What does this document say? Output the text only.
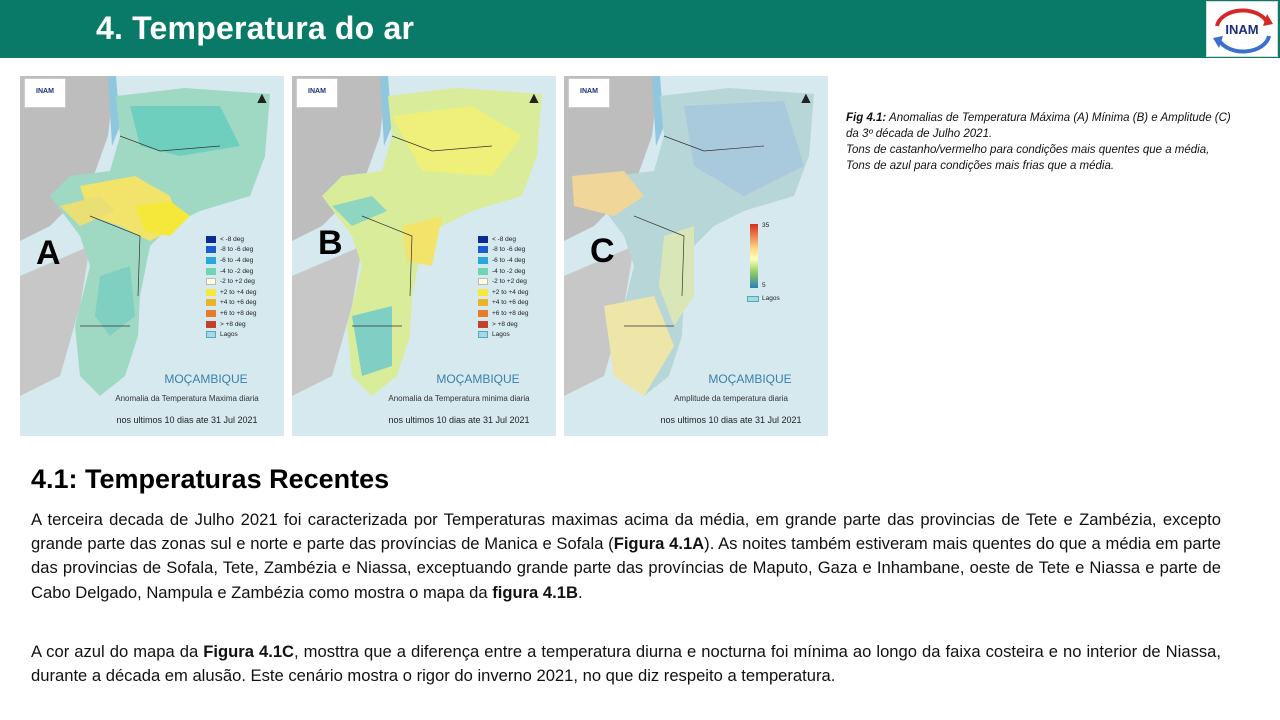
4. Temperatura do ar	INAM
INAM	▲
A	< -8 deg
-8 to -6 deg
-6 to -4 deg
-4 to -2 deg
-2 to +2 deg
+2 to +4 deg
+4 to +6 deg
+6 to +8 deg
> +8 deg
Lagos
MOÇAMBIQUE
Anomalia da Temperatura Maxima diaria
nos ultimos 10 dias ate 31 Jul 2021
INAM	▲
B	< -8 deg
-8 to -6 deg
-6 to -4 deg
-4 to -2 deg
-2 to +2 deg
+2 to +4 deg
+4 to +6 deg
+6 to +8 deg
> +8 deg
Lagos
MOÇAMBIQUE
Anomalia da Temperatura minima diaria
nos ultimos 10 dias ate 31 Jul 2021
INAM	▲
C
35
5
Lagos
MOÇAMBIQUE
Amplitude da temperatura diaria
nos ultimos 10 dias ate 31 Jul 2021
Fig 4.1: Anomalias de Temperatura Máxima (A) Mínima (B) e Amplitude (C) da 3º década de Julho 2021.
Tons de castanho/vermelho para condições mais quentes que a média, Tons de azul para condições mais frias que a média.
4.1: Temperaturas Recentes
A terceira decada de Julho 2021 foi caracterizada por Temperaturas maximas acima da média, em grande parte das provincias de Tete e Zambézia, excepto grande parte das zonas sul e norte e parte das províncias de Manica e Sofala (Figura 4.1A). As noites também estiveram mais quentes do que a média em parte das provincias de Sofala, Tete, Zambézia e Niassa, exceptuando grande parte das províncias de Maputo, Gaza e Inhambane, oeste de Tete e Niassa e parte de Cabo Delgado, Nampula e Zambézia como mostra o mapa da figura 4.1B.
A cor azul do mapa da Figura 4.1C, mosttra que a diferença entre a temperatura diurna e nocturna foi mínima ao longo da faixa costeira e no interior de Niassa, durante a década em alusão. Este cenário mostra o rigor do inverno 2021, no que diz respeito a temperatura.
